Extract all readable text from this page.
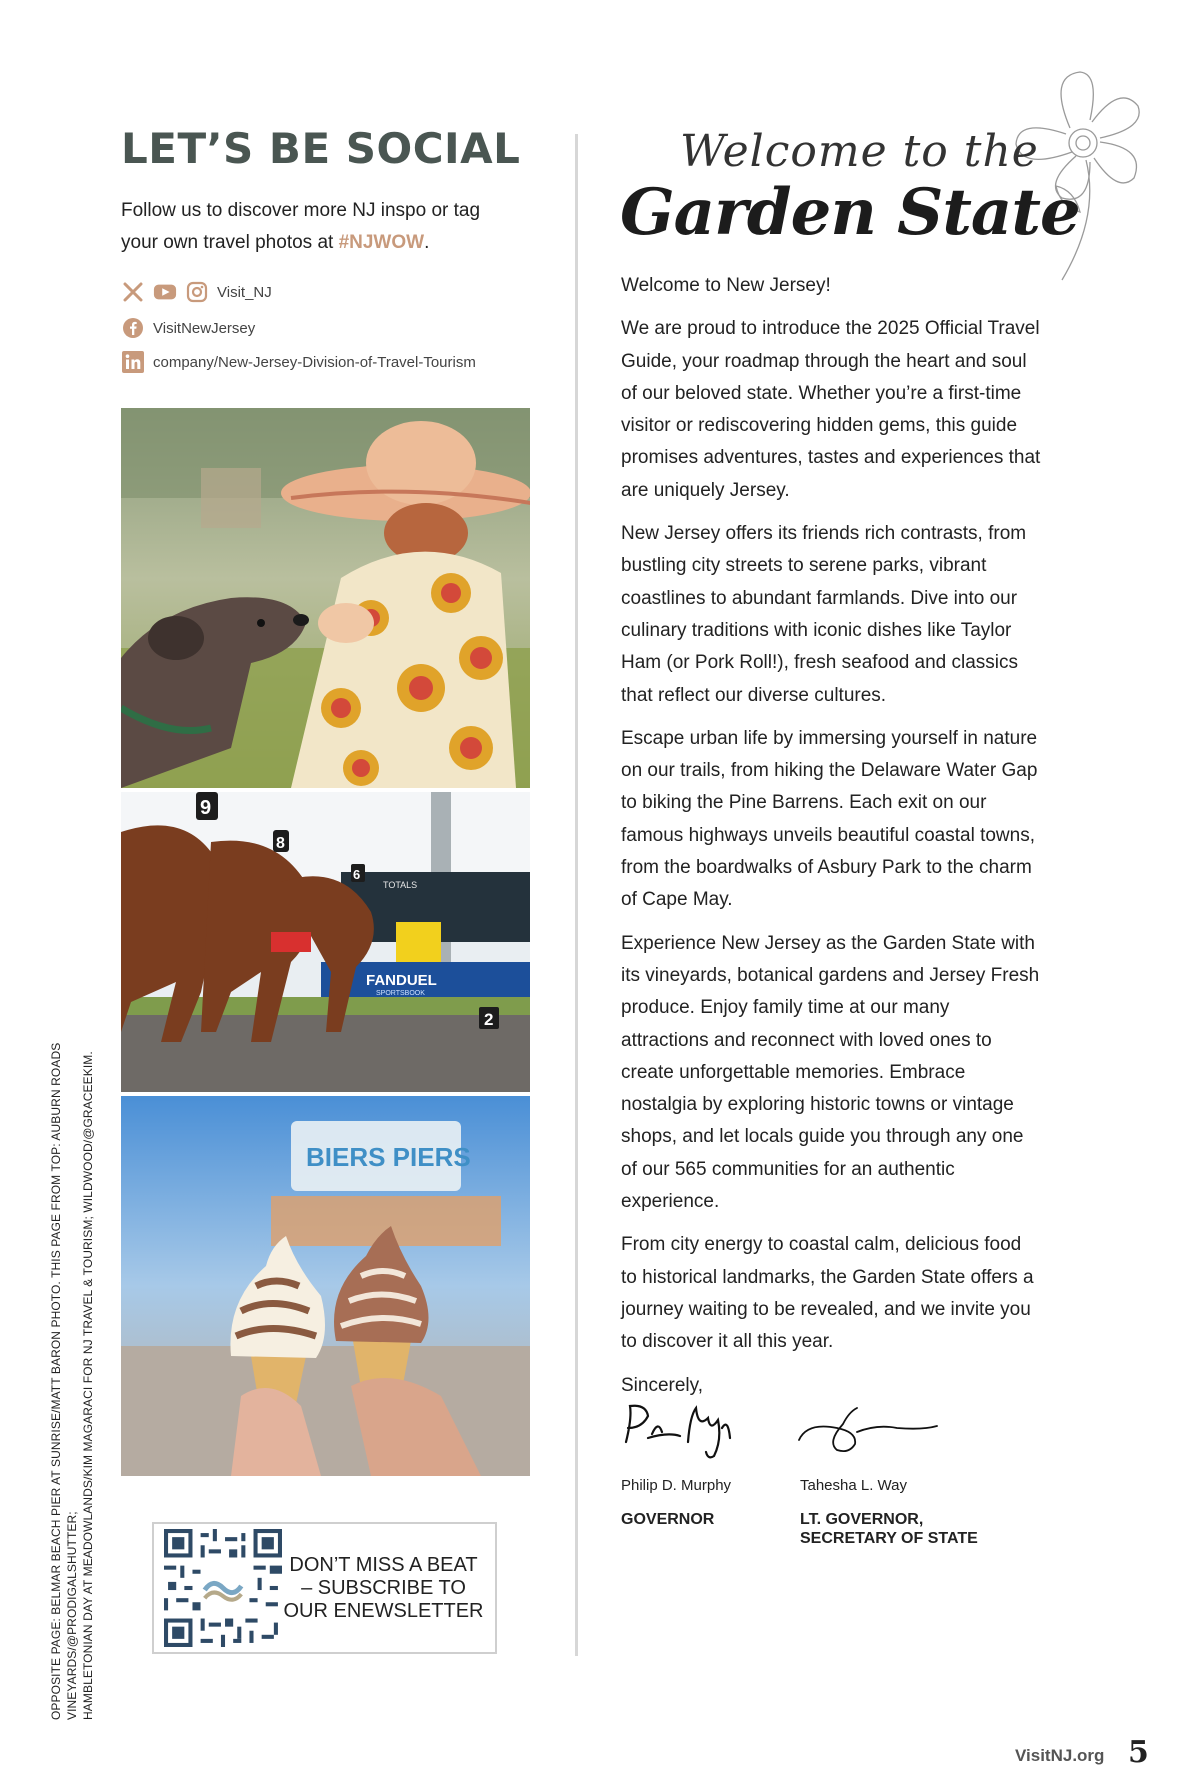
LET’S BE SOCIAL
Follow us to discover more NJ inspo or tag your own travel photos at #NJWOW.
Visit_NJ
VisitNewJersey
company/New-Jersey-Division-of-Travel-Tourism
TOTALS
FANDUEL
SPORTSBOOK
9
8
6
2
BIERS PIERS
DON’T MISS A BEAT – SUBSCRIBE TO OUR ENEWSLETTER
OPPOSITE PAGE: BELMAR BEACH PIER AT SUNRISE/MATT BARON PHOTO. THIS PAGE FROM TOP: AUBURN ROADS VINEYARDS/@PRODIGALSHUTTER; HAMBLETONIAN DAY AT MEADOWLANDS/KIM MAGARACI FOR NJ TRAVEL & TOURISM; WILDWOOD/@GRACEEKIM.
Welcome to the
Garden State

Welcome to New Jersey!

We are proud to introduce the 2025 Official Travel Guide, your roadmap through the heart and soul of our beloved state. Whether you’re a first-time visitor or rediscovering hidden gems, this guide promises adventures, tastes and experiences that are uniquely Jersey.

New Jersey offers its friends rich contrasts, from bustling city streets to serene parks, vibrant coastlines to abundant farmlands. Dive into our culinary traditions with iconic dishes like Taylor Ham (or Pork Roll!), fresh seafood and classics that reflect our diverse cultures.

Escape urban life by immersing yourself in nature on our trails, from hiking the Delaware Water Gap to biking the Pine Barrens. Each exit on our famous highways unveils beautiful coastal towns, from the boardwalks of Asbury Park to the charm of Cape May.

Experience New Jersey as the Garden State with its vineyards, botanical gardens and Jersey Fresh produce. Enjoy family time at our many attractions and reconnect with loved ones to create unforgettable memories. Embrace nostalgia by exploring historic towns or vintage shops, and let locals guide you through any one of our 565 communities for an authentic experience.

From city energy to coastal calm, delicious food to historical landmarks, the Garden State offers a journey waiting to be revealed, and we invite you to discover it all this year.

Sincerely,

Philip D. Murphy
GOVERNOR
Tahesha L. Way
LT. GOVERNOR,
SECRETARY OF STATE
VisitNJ.org 5
